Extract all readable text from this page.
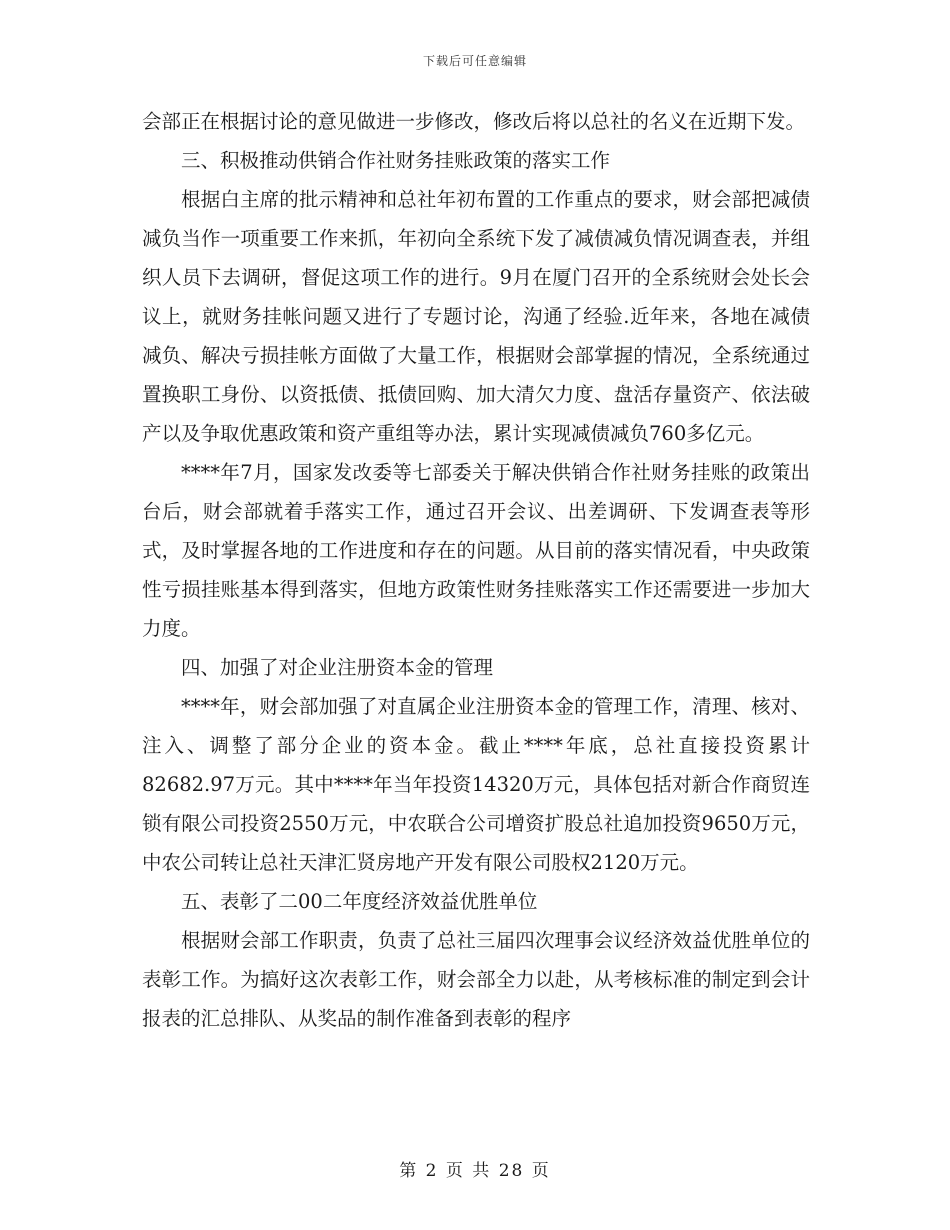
下载后可任意编辑

会部正在根据讨论的意见做进一步修改，修改后将以总社的名义在近期下发。

三、积极推动供销合作社财务挂账政策的落实工作

根据白主席的批示精神和总社年初布置的工作重点的要求，财会部把减债减负当作一项重要工作来抓，年初向全系统下发了减债减负情况调查表，并组织人员下去调研，督促这项工作的进行。9月在厦门召开的全系统财会处长会议上，就财务挂帐问题又进行了专题讨论，沟通了经验.近年来，各地在减债减负、解决亏损挂帐方面做了大量工作，根据财会部掌握的情况，全系统通过置换职工身份、以资抵债、抵债回购、加大清欠力度、盘活存量资产、依法破产以及争取优惠政策和资产重组等办法，累计实现减债减负760多亿元。

****年7月，国家发改委等七部委关于解决供销合作社财务挂账的政策出台后，财会部就着手落实工作，通过召开会议、出差调研、下发调查表等形式，及时掌握各地的工作进度和存在的问题。从目前的落实情况看，中央政策性亏损挂账基本得到落实，但地方政策性财务挂账落实工作还需要进一步加大力度。

四、加强了对企业注册资本金的管理

****年，财会部加强了对直属企业注册资本金的管理工作，清理、核对、注入、调整了部分企业的资本金。截止****年底，总社直接投资累计82682.97万元。其中****年当年投资14320万元，具体包括对新合作商贸连锁有限公司投资2550万元，中农联合公司增资扩股总社追加投资9650万元，中农公司转让总社天津汇贤房地产开发有限公司股权2120万元。

五、表彰了二00二年度经济效益优胜单位

根据财会部工作职责，负责了总社三届四次理事会议经济效益优胜单位的表彰工作。为搞好这次表彰工作，财会部全力以赴，从考核标准的制定到会计报表的汇总排队、从奖品的制作准备到表彰的程序

第 2 页 共 28 页
